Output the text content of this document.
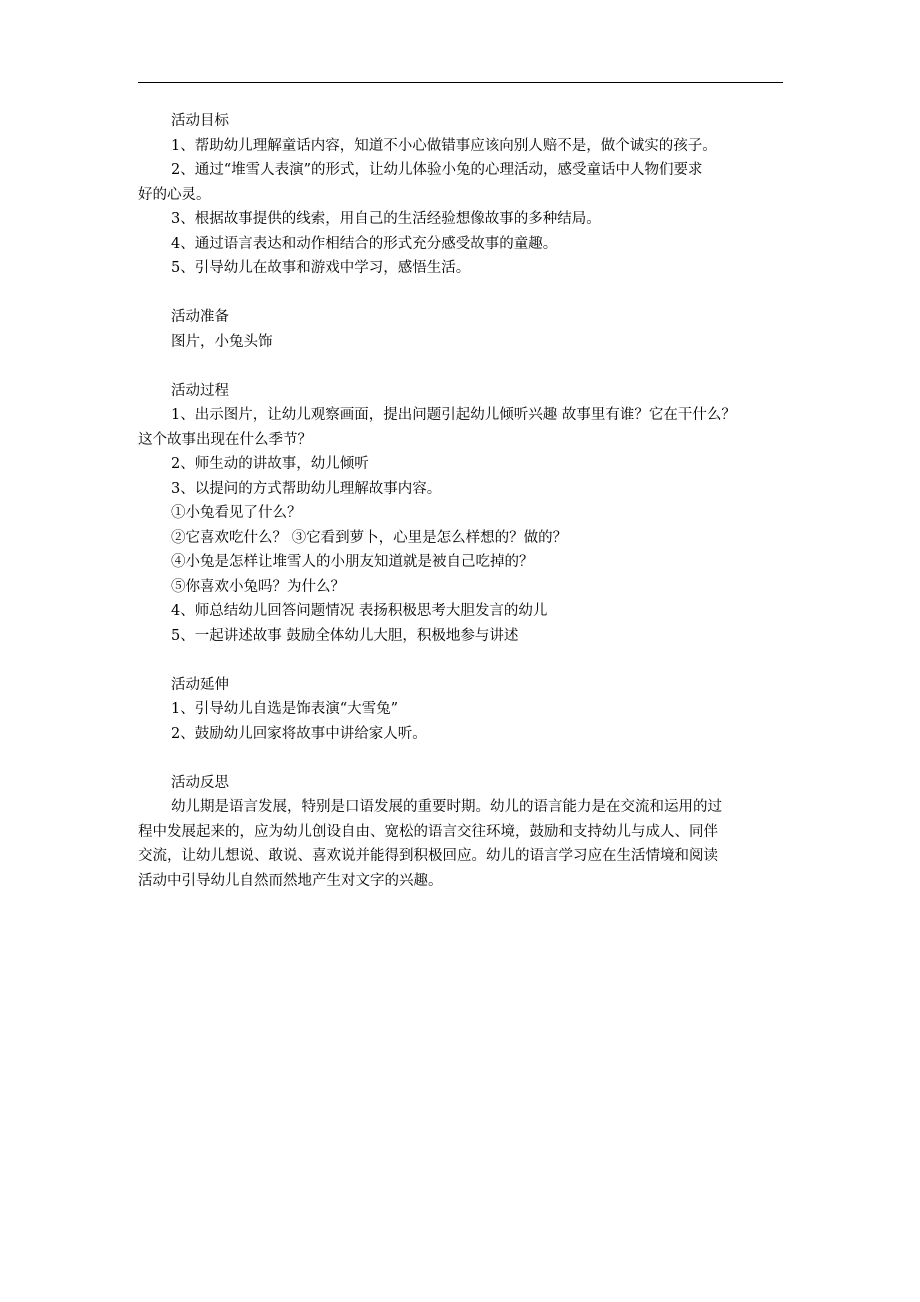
活动目标

1、帮助幼儿理解童话内容，知道不小心做错事应该向别人赔不是，做个诚实的孩子。

2、通过“堆雪人表演”的形式，让幼儿体验小兔的心理活动，感受童话中人物们要求

好的心灵。

3、根据故事提供的线索，用自己的生活经验想像故事的多种结局。

4、通过语言表达和动作相结合的形式充分感受故事的童趣。

5、引导幼儿在故事和游戏中学习，感悟生活。

活动准备

图片，小兔头饰

活动过程

1、出示图片，让幼儿观察画面，提出问题引起幼儿倾听兴趣 故事里有谁？它在干什么？

这个故事出现在什么季节？

2、师生动的讲故事，幼儿倾听

3、以提问的方式帮助幼儿理解故事内容。

①小兔看见了什么？

②它喜欢吃什么？ ③它看到萝卜，心里是怎么样想的？做的？

④小兔是怎样让堆雪人的小朋友知道就是被自己吃掉的？

⑤你喜欢小兔吗？为什么？

4、师总结幼儿回答问题情况 表扬积极思考大胆发言的幼儿

5、一起讲述故事 鼓励全体幼儿大胆，积极地参与讲述

活动延伸

1、引导幼儿自选是饰表演“大雪兔”

2、鼓励幼儿回家将故事中讲给家人听。

活动反思

幼儿期是语言发展，特别是口语发展的重要时期。幼儿的语言能力是在交流和运用的过

程中发展起来的，应为幼儿创设自由、宽松的语言交往环境，鼓励和支持幼儿与成人、同伴

交流，让幼儿想说、敢说、喜欢说并能得到积极回应。幼儿的语言学习应在生活情境和阅读

活动中引导幼儿自然而然地产生对文字的兴趣。
